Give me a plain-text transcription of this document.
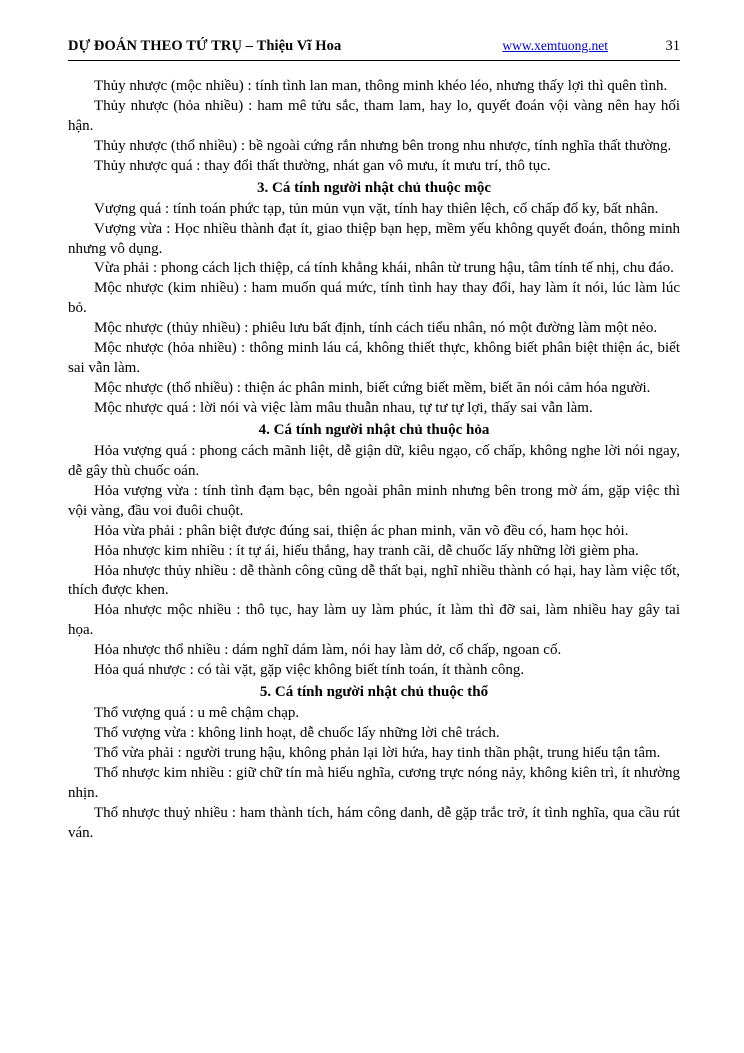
DỰ ĐOÁN THEO TỨ TRỤ – Thiệu Vĩ Hoa	www.xemtuong.net	31

Thủy nhược (mộc nhiều) : tính tình lan man, thông minh khéo léo, nhưng thấy lợi thì quên tình.

Thủy nhược (hỏa nhiều) : ham mê tửu sắc, tham lam, hay lo, quyết đoán vội vàng nên hay hối hận.

Thủy nhược (thổ nhiều) : bề ngoài cứng rắn nhưng bên trong nhu nhược, tính nghĩa thất thường.

Thủy nhược quá : thay đổi thất thường, nhát gan vô mưu, ít mưu trí, thô tục.

3. Cá tính người nhật chủ thuộc mộc

Vượng quá : tính toán phức tạp, tủn mủn vụn vặt, tính hay thiên lệch, cố chấp đố ky, bất nhân.

Vượng vừa : Học nhiều thành đạt ít, giao thiệp bạn hẹp, mềm yếu không quyết đoán, thông minh nhưng vô dụng.

Vừa phải : phong cách lịch thiệp, cá tính khẳng khái, nhân từ trung hậu, tâm tính tế nhị, chu đáo.

Mộc nhược (kim nhiều) : ham muốn quá mức, tính tình hay thay đổi, hay làm ít nói, lúc làm lúc bỏ.

Mộc nhược (thủy nhiều) : phiêu lưu bất định, tính cách tiểu nhân, nó một đường làm một nẻo.

Mộc nhược (hỏa nhiều) : thông minh láu cá, không thiết thực, không biết phân biệt thiện ác, biết sai vẫn làm.

Mộc nhược (thổ nhiều) : thiện ác phân minh, biết cứng biết mềm, biết ăn nói cảm hóa người.

Mộc nhược quá : lời nói và việc làm mâu thuẫn nhau, tự tư tự lợi, thấy sai vẫn làm.

4. Cá tính người nhật chủ thuộc hỏa

Hỏa vượng quá : phong cách mãnh liệt, dễ giận dữ, kiêu ngạo, cố chấp, không nghe lời nói ngay, dễ gây thù chuốc oán.

Hỏa vượng vừa : tính tình đạm bạc, bên ngoài phân minh nhưng bên trong mờ ám, gặp việc thì vội vàng, đầu voi đuôi chuột.

Hỏa vừa phải : phân biệt được đúng sai, thiện ác phan minh, văn võ đều có, ham học hỏi.

Hỏa nhược kim nhiều : ít tự ái, hiếu thắng, hay tranh cãi, dễ chuốc lấy những lời gièm pha.

Hỏa nhược thủy nhiều : dễ thành công cũng dễ thất bại, nghĩ nhiều thành có hại, hay làm việc tốt, thích được khen.

Hỏa nhược mộc nhiều : thô tục, hay làm uy làm phúc, ít làm thì đỡ sai, làm nhiều hay gây tai họa.

Hỏa nhược thổ nhiều : dám nghĩ dám làm, nói hay làm dở, cố chấp, ngoan cố.

Hỏa quá nhược : có tài vặt, gặp việc không biết tính toán, ít thành công.

5. Cá tính người nhật chủ thuộc thổ

Thổ vượng quá : u mê chậm chạp.

Thổ vượng vừa : không linh hoạt, dễ chuốc lấy những lời chê trách.

Thổ vừa phải : người trung hậu, không phản lại lời hứa, hay tinh thần phật, trung hiếu tận tâm.

Thổ nhược kim nhiều : giữ chữ tín mà hiếu nghĩa, cương trực nóng nảy, không kiên trì, ít nhường nhịn.

Thổ nhược thuỷ nhiều : ham thành tích, hám công danh, dễ gặp trắc trở, ít tình nghĩa, qua cầu rút ván.
